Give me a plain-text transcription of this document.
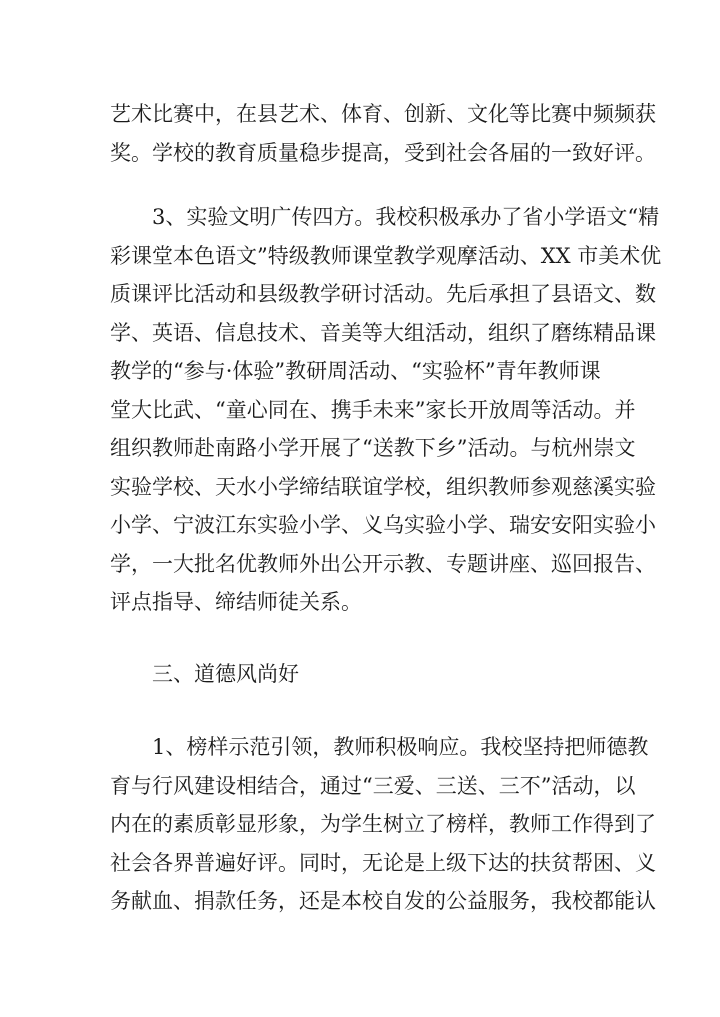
艺术比赛中，在县艺术、体育、创新、文化等比赛中频频获
奖。学校的教育质量稳步提高，受到社会各届的一致好评。
　　3、实验文明广传四方。我校积极承办了省小学语文“精
彩课堂本色语文”特级教师课堂教学观摩活动、XX 市美术优
质课评比活动和县级教学研讨活动。先后承担了县语文、数
学、英语、信息技术、音美等大组活动，组织了磨练精品课
教学的“参与·体验”教研周活动、“实验杯”青年教师课
堂大比武、“童心同在、携手未来”家长开放周等活动。并
组织教师赴南路小学开展了“送教下乡”活动。与杭州崇文
实验学校、天水小学缔结联谊学校，组织教师参观慈溪实验
小学、宁波江东实验小学、义乌实验小学、瑞安安阳实验小
学，一大批名优教师外出公开示教、专题讲座、巡回报告、
评点指导、缔结师徒关系。
　　三、道德风尚好
　　1、榜样示范引领，教师积极响应。我校坚持把师德教
育与行风建设相结合，通过“三爱、三送、三不”活动，以
内在的素质彰显形象，为学生树立了榜样，教师工作得到了
社会各界普遍好评。同时，无论是上级下达的扶贫帮困、义
务献血、捐款任务，还是本校自发的公益服务，我校都能认
